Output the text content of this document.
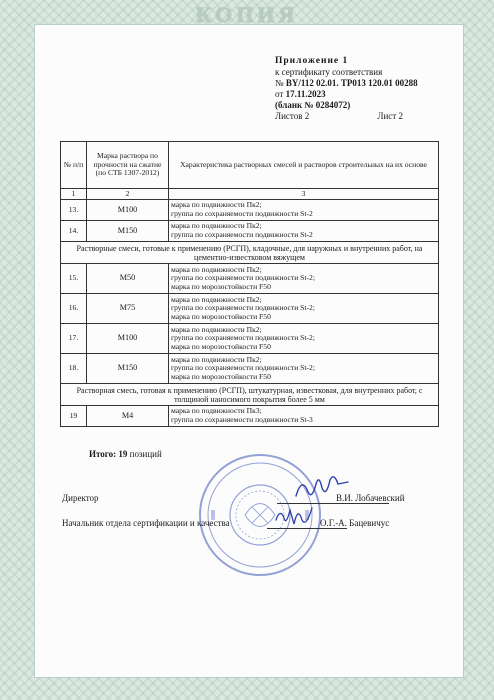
КОПИЯ
Приложение 1
к сертификату соответствия
№ BY/112 02.01. ТР013 120.01 00288
от 17.11.2023
(бланк № 0284072)
Листов 2	Лист 2
№ п/п	Марка раствора по прочности на сжатие (по СТБ 1307-2012)	Характеристика растворных смесей и растворов строительных на их основе
1	2	3
13.	М100	марка по подвижности Пк2;
группа по сохраняемости подвижности St-2

14.	М150	марка по подвижности Пк2;
группа по сохраняемости подвижности St-2

Растворные смеси, готовые к применению (РСГП), кладочные, для наружных и внутренних работ, на цементно-известковом вяжущем		
15.	М50	марка по подвижности Пк2;
группа по сохраняемости подвижности St-2;
марка по морозостойкости F50

16.	М75	марка по подвижности Пк2;
группа по сохраняемости подвижности St-2;
марка по морозостойкости F50

17.	М100	марка по подвижности Пк2;
группа по сохраняемости подвижности St-2;
марка по морозостойкости F50

18.	М150	марка по подвижности Пк2;
группа по сохраняемости подвижности St-2;
марка по морозостойкости F50

Растворная смесь, готовая к применению (РСГП), штукатурная, известковая, для внутренних работ, с толщиной наносимого покрытия более 5 мм		
19	М4	марка по подвижности Пк3;
группа по сохраняемости подвижности St-3
Итого: 19 позиций
Директор	В.И. Лобачевский
Начальник отдела сертификации и качества	О.Г.-А. Бацевичус
